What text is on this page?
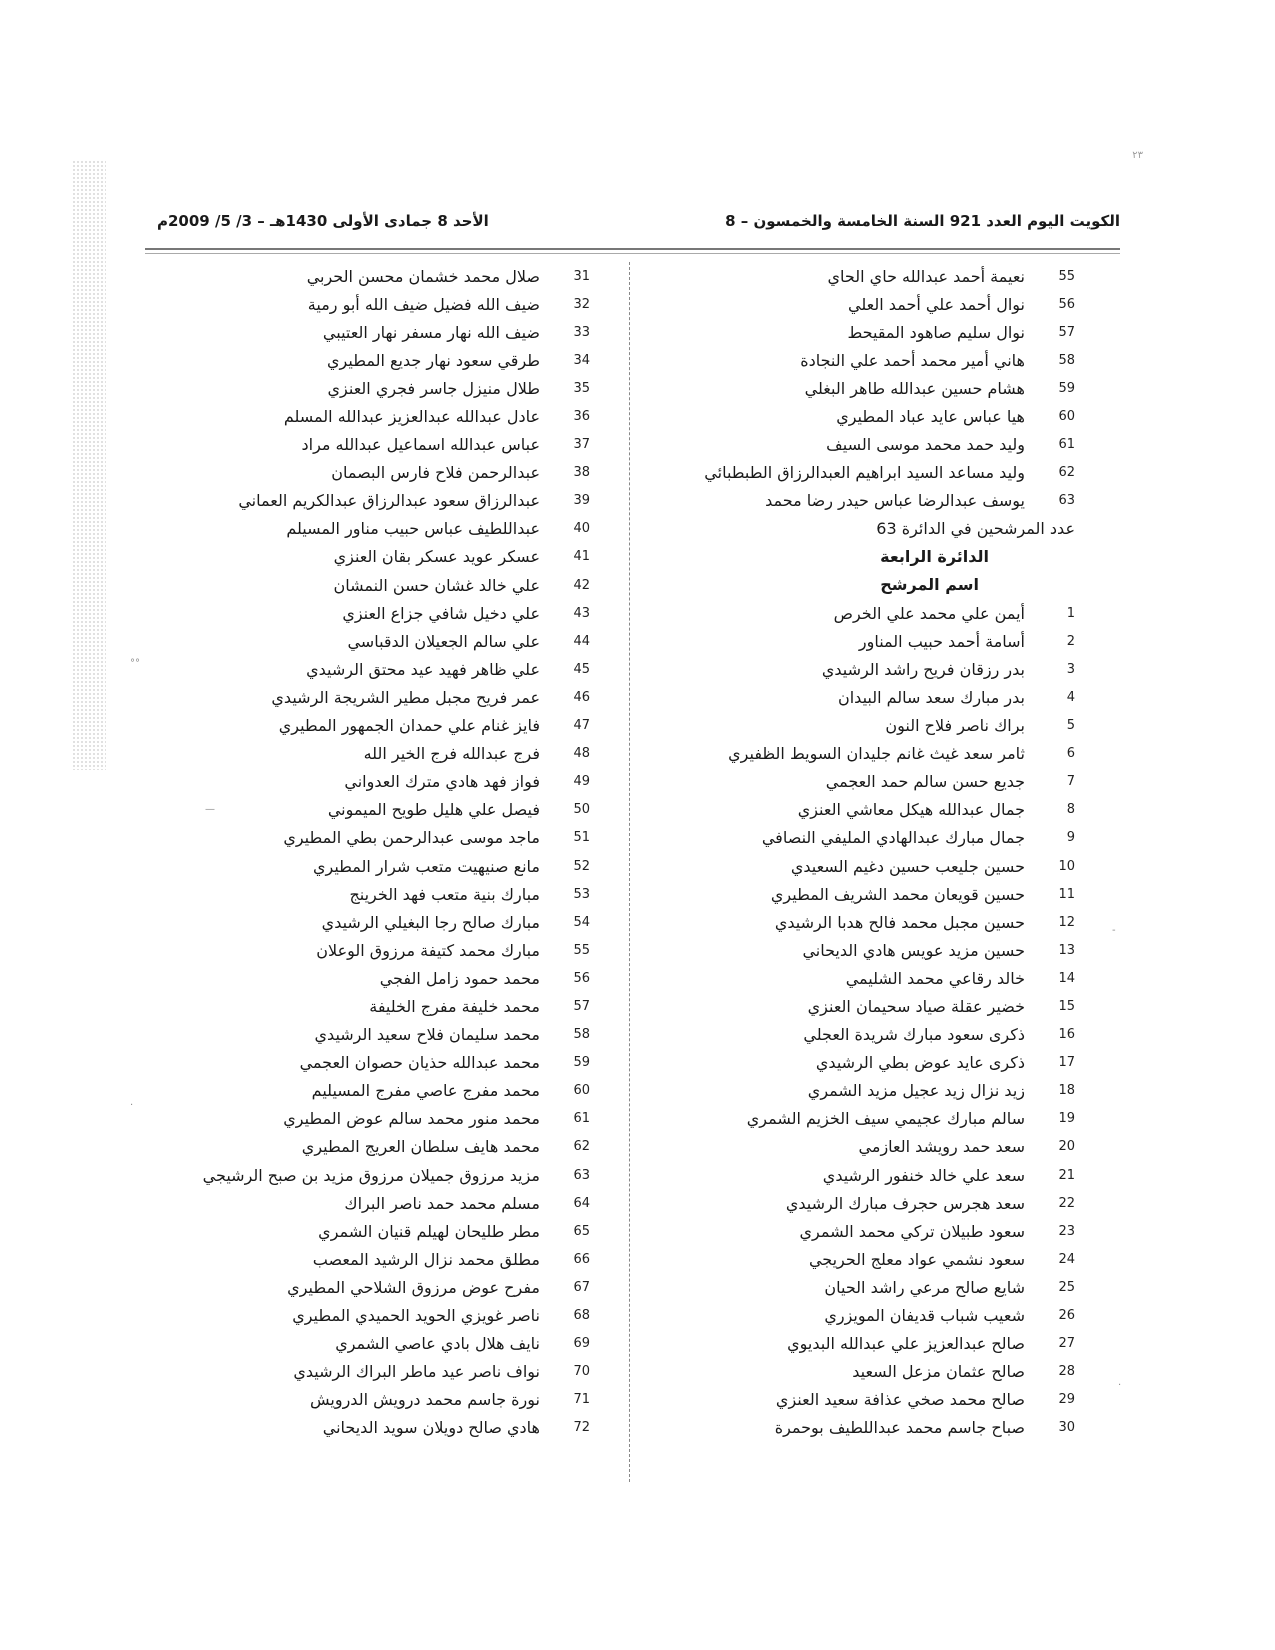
٢٣
الكويت اليوم العدد 921 السنة الخامسة والخمسون – 8
الأحد 8 جمادى الأولى 1430هـ – 3/ 5/ 2009م
55
نعيمة أحمد عبدالله حاي الحاي
56
نوال أحمد علي أحمد العلي
57
نوال سليم صاهود المقيحط
58
هاني أمير محمد أحمد علي النجادة
59
هشام حسين عبدالله طاهر البغلي
60
هيا عباس عايد عباد المطيري
61
وليد حمد محمد موسى السيف
62
وليد مساعد السيد ابراهيم العبدالرزاق الطبطبائي
63
يوسف عبدالرضا عباس حيدر رضا محمد
عدد المرشحين في الدائرة 63
الدائرة الرابعة
اسم المرشح
1
أيمن علي محمد علي الخرص
2
أسامة أحمد حبيب المناور
3
بدر رزقان فريح راشد الرشيدي
4
بدر مبارك سعد سالم البيدان
5
براك ناصر فلاح النون
6
ثامر سعد غيث غانم جليدان السويط الظفيري
7
جديع حسن سالم حمد العجمي
8
جمال عبدالله هيكل معاشي العنزي
9
جمال مبارك عبدالهادي المليفي النصافي
10
حسين جليعب حسين دغيم السعيدي
11
حسين قويعان محمد الشريف المطيري
12
حسين مجبل محمد فالح هدبا الرشيدي
13
حسين مزيد عويس هادي الديحاني
14
خالد رقاعي محمد الشليمي
15
خضير عقلة صياد سحيمان العنزي
16
ذكرى سعود مبارك شريدة العجلي
17
ذكرى عايد عوض بطي الرشيدي
18
زيد نزال زيد عجيل مزيد الشمري
19
سالم مبارك عجيمي سيف الخزيم الشمري
20
سعد حمد رويشد العازمي
21
سعد علي خالد خنفور الرشيدي
22
سعد هجرس حجرف مبارك الرشيدي
23
سعود طبيلان تركي محمد الشمري
24
سعود نشمي عواد معلج الحريجي
25
شايع صالح مرعي راشد الحيان
26
شعيب شباب قديفان المويزري
27
صالح عبدالعزيز علي عبدالله البديوي
28
صالح عثمان مزعل السعيد
29
صالح محمد صخي عذافة سعيد العنزي
30
صباح جاسم محمد عبداللطيف بوحمرة
31
صلال محمد خشمان محسن الحربي
32
ضيف الله فضيل ضيف الله أبو رمية
33
ضيف الله نهار مسفر نهار العتيبي
34
طرقي سعود نهار جديع المطيري
35
طلال منيزل جاسر فجري العنزي
36
عادل عبدالله عبدالعزيز عبدالله المسلم
37
عباس عبدالله اسماعيل عبدالله مراد
38
عبدالرحمن فلاح فارس البصمان
39
عبدالرزاق سعود عبدالرزاق عبدالكريم العماني
40
عبداللطيف عباس حبيب مناور المسيلم
41
عسكر عويد عسكر بقان العنزي
42
علي خالد غشان حسن النمشان
43
علي دخيل شافي جزاع العنزي
44
علي سالم الجعيلان الدقباسي
45
علي ظاهر فهيد عيد محتق الرشيدي
46
عمر فريح مجبل مطير الشريجة الرشيدي
47
فايز غنام علي حمدان الجمهور المطيري
48
فرج عبدالله فرج الخير الله
49
فواز فهد هادي مترك العدواني
50
فيصل علي هليل طويح الميموني
51
ماجد موسى عبدالرحمن بطي المطيري
52
مانع صنيهيت متعب شرار المطيري
53
مبارك بنية متعب فهد الخرينج
54
مبارك صالح رجا البغيلي الرشيدي
55
مبارك محمد كتيفة مرزوق الوعلان
56
محمد حمود زامل الفجي
57
محمد خليفة مفرج الخليفة
58
محمد سليمان فلاح سعيد الرشيدي
59
محمد عبدالله حذيان حصوان العجمي
60
محمد مفرج عاصي مفرج المسيليم
61
محمد منور محمد سالم عوض المطيري
62
محمد هايف سلطان العريج المطيري
63
مزيد مرزوق جميلان مرزوق مزيد بن صبح الرشيجي
64
مسلم محمد حمد ناصر البراك
65
مطر طليحان لهيلم قنيان الشمري
66
مطلق محمد نزال الرشيد المعصب
67
مفرح عوض مرزوق الشلاحي المطيري
68
ناصر غويزي الحويد الحميدي المطيري
69
نايف هلال بادي عاصي الشمري
70
نواف ناصر عيد ماطر البراك الرشيدي
71
نورة جاسم محمد درويش الدرويش
72
هادي صالح دويلان سويد الديحاني
°°
—
·
-
·
